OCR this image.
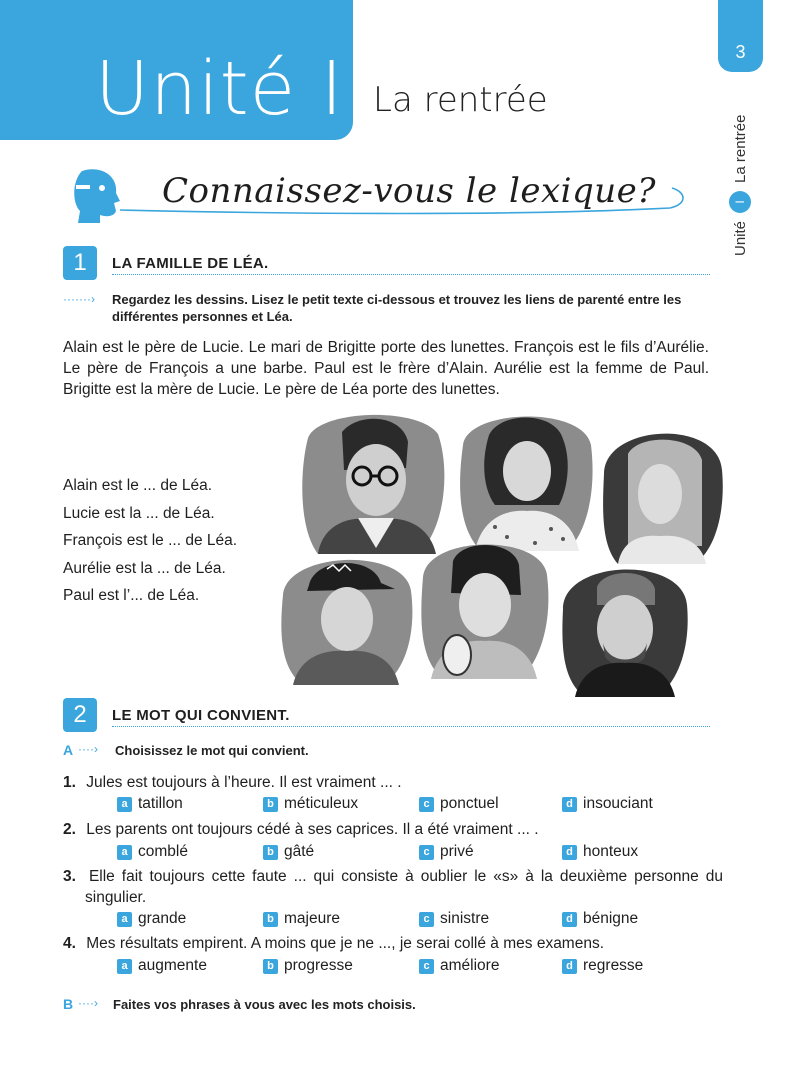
Unité I La rentrée
3
Unité
I
La rentrée
Connaissez-vous le lexique?
1	LA FAMILLE DE LÉA.
·······› Regardez les dessins. Lisez le petit texte ci-dessous et trouvez les liens de parenté entre les différentes personnes et Léa.
Alain est le père de Lucie. Le mari de Brigitte porte des lunettes. François est le fils d’Aurélie. Le père de François a une barbe. Paul est le frère d’Alain. Aurélie est la femme de Paul. Brigitte est la mère de Lucie. Le père de Léa porte des lunettes.
Alain est le ... de Léa.
Lucie est la ... de Léa.
François est le ... de Léa.
Aurélie est la ... de Léa.
Paul est l’... de Léa.
2	LE MOT QUI CONVIENT.
A ····› Choisissez le mot qui convient.
1. Jules est toujours à l’heure. Il est vraiment ... .
a tatillon	b méticuleux	c ponctuel	d insouciant
2. Les parents ont toujours cédé à ses caprices. Il a été vraiment ... .
a comblé	b gâté	c privé	d honteux
3. Elle fait toujours cette faute ... qui consiste à oublier le «s» à la deuxième personne du singulier.
a grande	b majeure	c sinistre	d bénigne
4. Mes résultats empirent. A moins que je ne ..., je serai collé à mes examens.
a augmente	b progresse	c améliore	d regresse
B ····› Faites vos phrases à vous avec les mots choisis.
